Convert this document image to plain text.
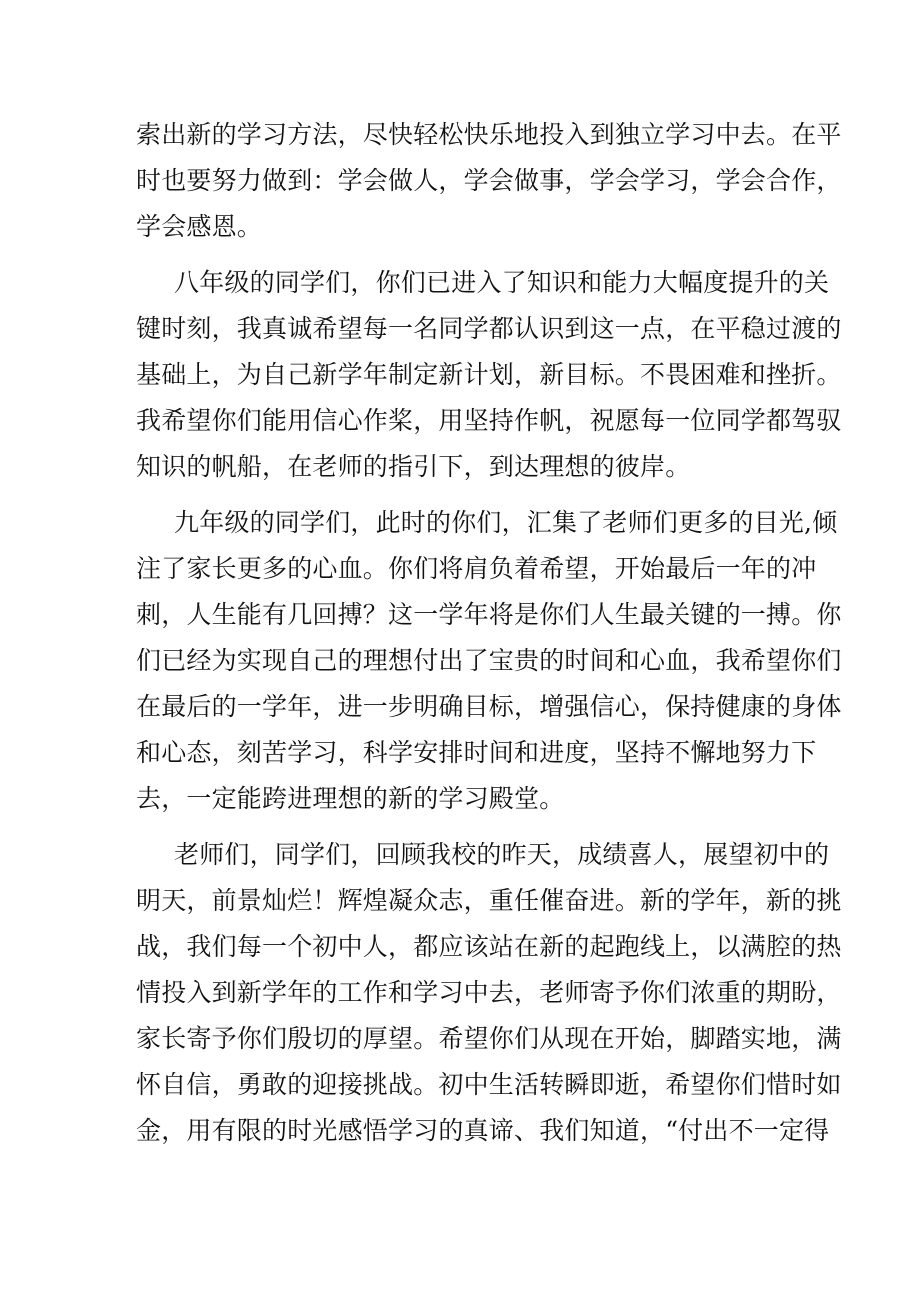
索出新的学习方法，尽快轻松快乐地投入到独立学习中去。在平
时也要努力做到：学会做人，学会做事，学会学习，学会合作，
学会感恩。

八年级的同学们，你们已进入了知识和能力大幅度提升的关
键时刻，我真诚希望每一名同学都认识到这一点，在平稳过渡的
基础上，为自己新学年制定新计划，新目标。不畏困难和挫折。
我希望你们能用信心作桨，用坚持作帆，祝愿每一位同学都驾驭
知识的帆船，在老师的指引下，到达理想的彼岸。

九年级的同学们，此时的你们，汇集了老师们更多的目光,倾
注了家长更多的心血。你们将肩负着希望，开始最后一年的冲
刺，人生能有几回搏？这一学年将是你们人生最关键的一搏。你
们已经为实现自己的理想付出了宝贵的时间和心血，我希望你们
在最后的一学年，进一步明确目标，增强信心，保持健康的身体
和心态，刻苦学习，科学安排时间和进度，坚持不懈地努力下
去，一定能跨进理想的新的学习殿堂。

老师们，同学们，回顾我校的昨天，成绩喜人，展望初中的
明天，前景灿烂！辉煌凝众志，重任催奋进。新的学年，新的挑
战，我们每一个初中人，都应该站在新的起跑线上，以满腔的热
情投入到新学年的工作和学习中去，老师寄予你们浓重的期盼，
家长寄予你们殷切的厚望。希望你们从现在开始，脚踏实地，满
怀自信，勇敢的迎接挑战。初中生活转瞬即逝，希望你们惜时如
金，用有限的时光感悟学习的真谛、我们知道，“付出不一定得
